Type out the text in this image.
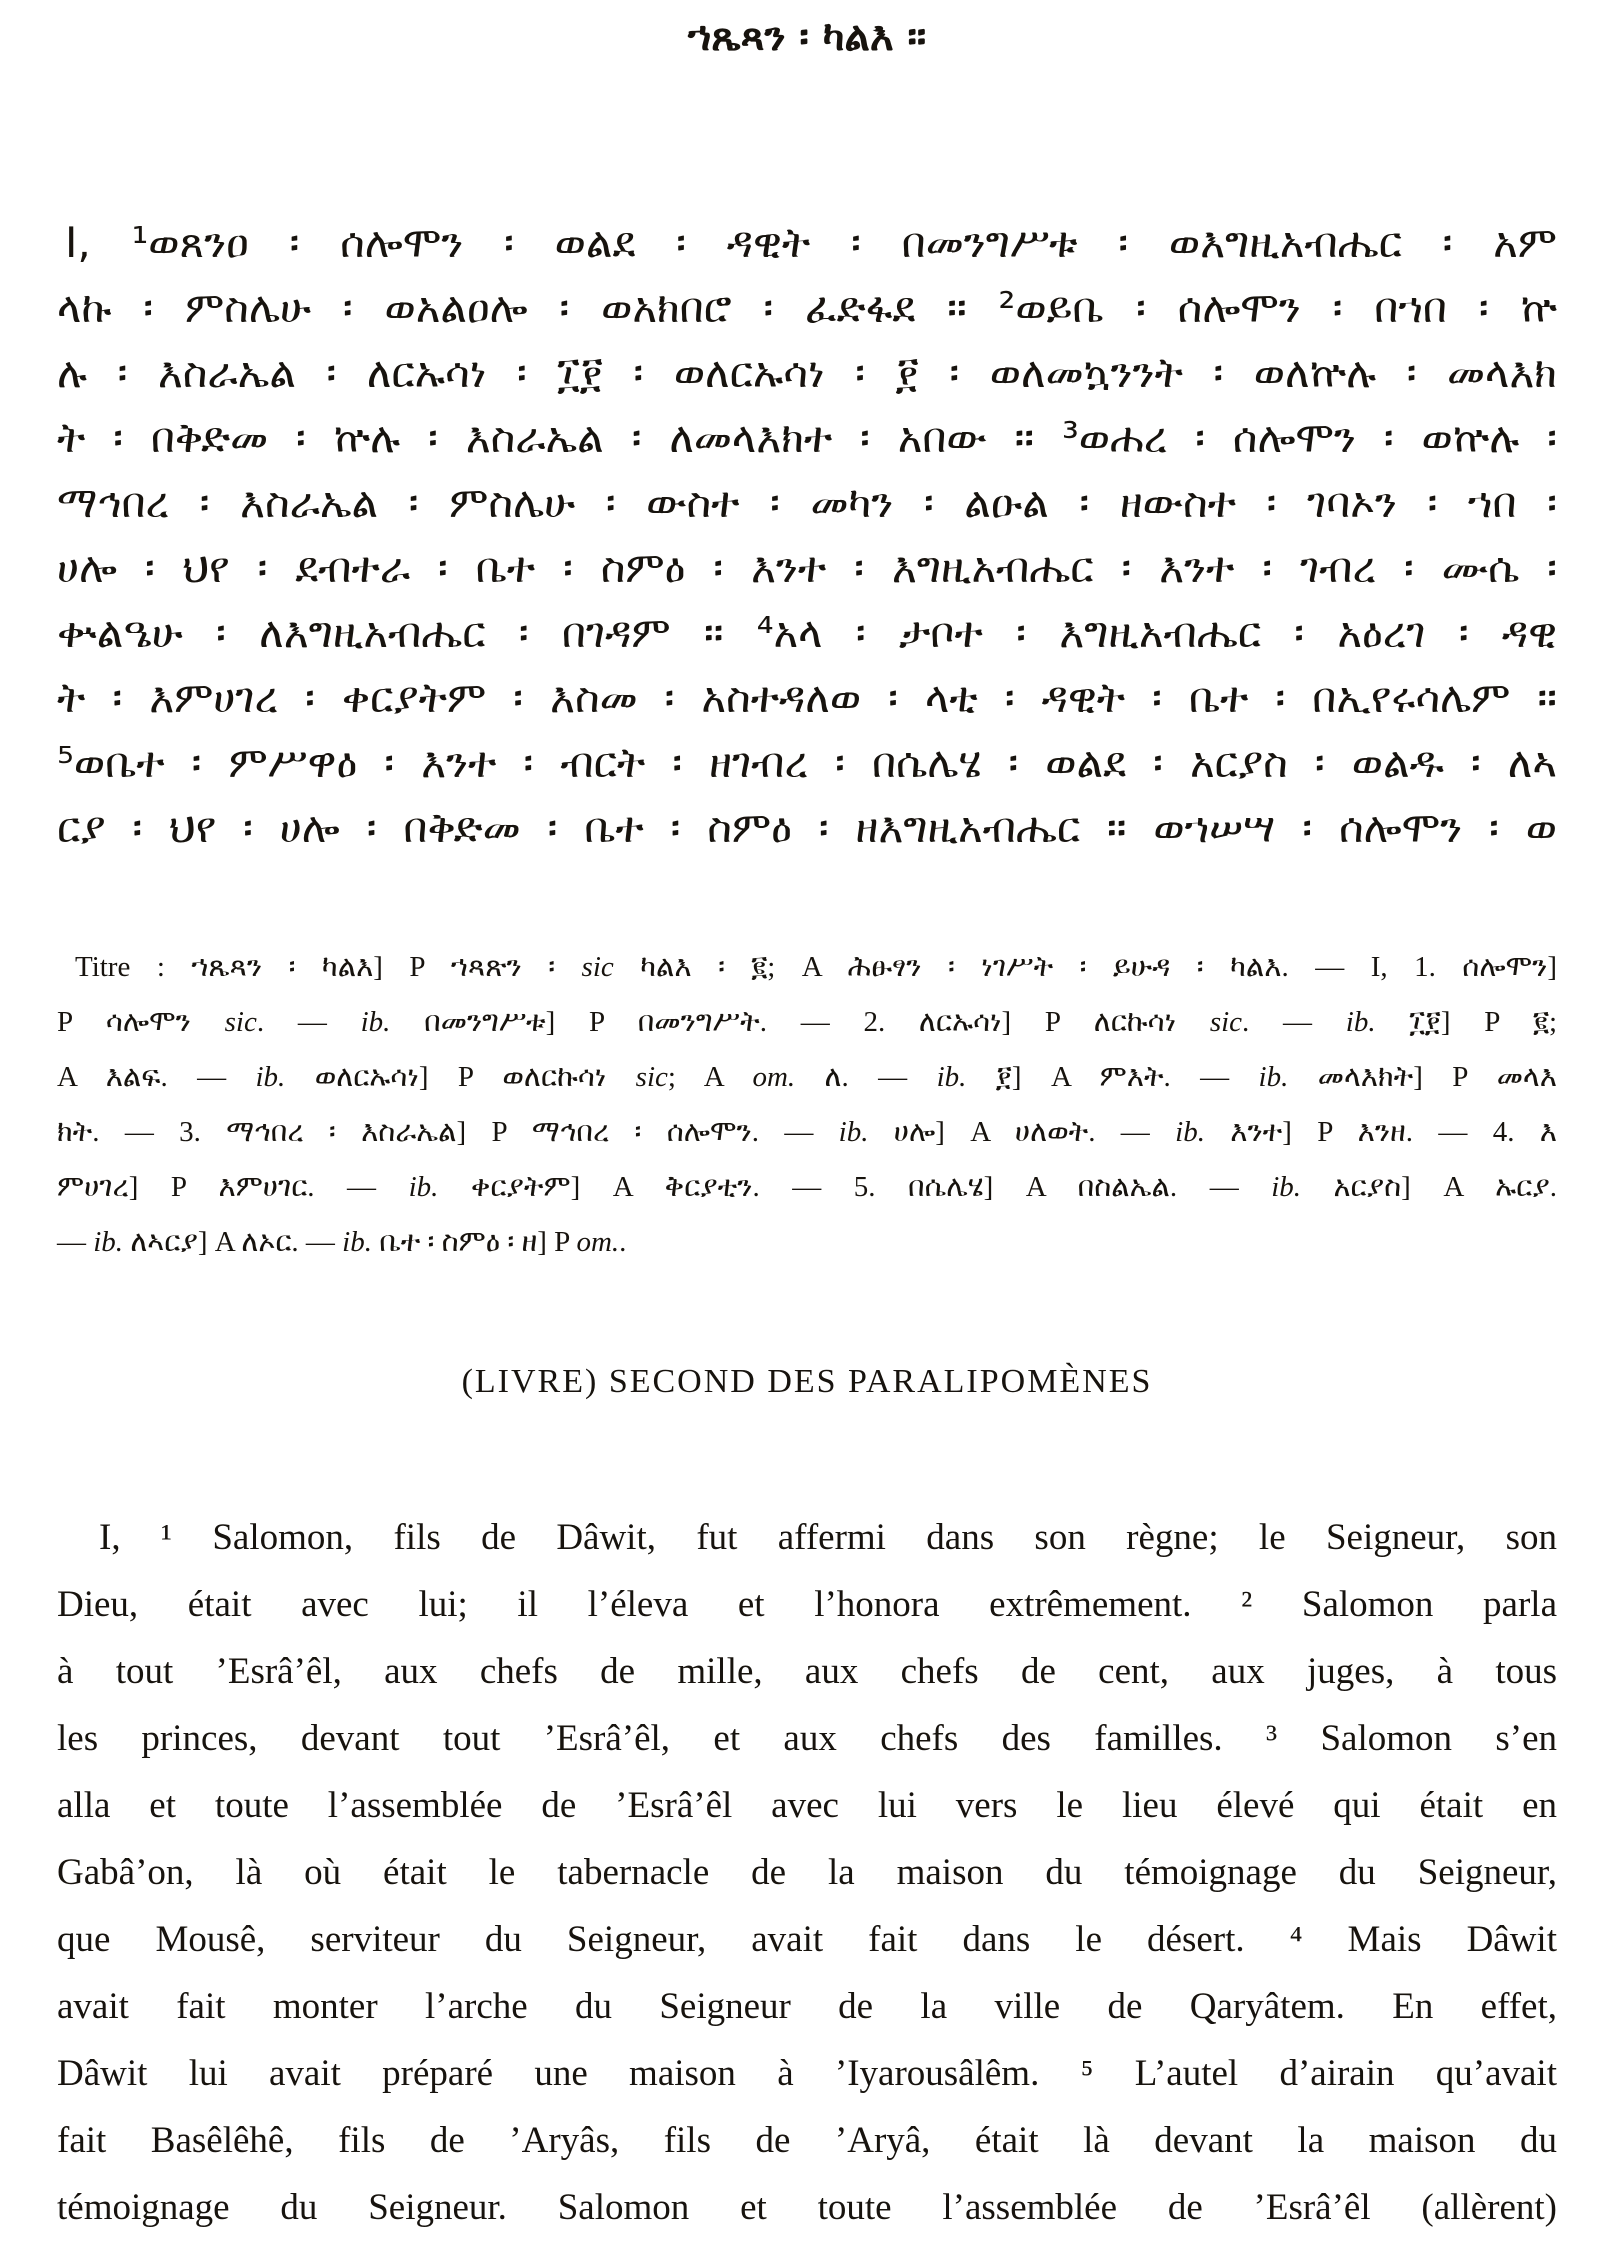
ኀጼጻን ፡ ካልእ ።
I, ¹ወጸንዐ ፡ ሰሎሞን ፡ ወልደ ፡ ዳዊት ፡ በመንግሥቱ ፡ ወእግዚአብሔር ፡ አም
ላኩ ፡ ምስሌሁ ፡ ወአልዐሎ ፡ ወአክበሮ ፡ ፈድፋደ ። ²ወይቤ ፡ ሰሎሞን ፡ በኀበ ፡ ኵ
ሉ ፡ እስራኤል ፡ ለርኡሳነ ፡ ፲፻ ፡ ወለርኡሳነ ፡ ፻ ፡ ወለመኳንንት ፡ ወለኵሉ ፡ መላእክ
ት ፡ በቅድመ ፡ ኵሉ ፡ እስራኤል ፡ ለመላእክተ ፡ አበው ። ³ወሐረ ፡ ሰሎሞን ፡ ወኵሉ ፡
ማኅበረ ፡ እስራኤል ፡ ምስሌሁ ፡ ውስተ ፡ መካን ፡ ልዑል ፡ ዘውስተ ፡ ገባኦን ፡ ኀበ ፡
ሀሎ ፡ ህየ ፡ ደብተራ ፡ ቤተ ፡ ስምዕ ፡ እንተ ፡ እግዚአብሔር ፡ እንተ ፡ ገብረ ፡ ሙሴ ፡
ቍልዔሁ ፡ ለእግዚአብሔር ፡ በገዳም ። ⁴አላ ፡ ታቦተ ፡ እግዚአብሔር ፡ አዕረገ ፡ ዳዊ
ት ፡ እምሀገረ ፡ ቀርያትም ፡ እስመ ፡ አስተዳለወ ፡ ላቲ ፡ ዳዊት ፡ ቤተ ፡ በኢየሩሳሌም ።
⁵ወቤተ ፡ ምሥዋዕ ፡ እንተ ፡ ብርት ፡ ዘገብረ ፡ በሴሌሄ ፡ ወልደ ፡ አርያስ ፡ ወልዱ ፡ ለኣ
ርያ ፡ ህየ ፡ ሀሎ ፡ በቅድመ ፡ ቤተ ፡ ስምዕ ፡ ዘእግዚአብሔር ። ወኀሠሣ ፡ ሰሎሞን ፡ ወ
Titre : ኀጼጻን ፡ ካልእ] P ኀጻጽን ፡ sic ካልእ ፡ ፪; A ሕፁፃን ፡ ነገሥት ፡ ይሁዳ ፡ ካልእ. — I, 1. ሰሎሞን]
P ሳሎሞን sic. — ib. በመንግሥቱ] P በመንግሥት. — 2. ለርኡሳነ] P ለርኩሳነ sic. — ib. ፲፻] P ፪;
A እልፍ. — ib. ወለርኡሳነ] P ወለርኩሳነ sic; A om. ለ. — ib. ፻] A ምእት. — ib. መላእክት] P መላእ
ክት. — 3. ማኅበረ ፡ እስራኤል] P ማኅበረ ፡ ሰሎሞን. — ib. ሀሎ] A ሀለወት. — ib. እንተ] P እንዘ. — 4. እ
ምሀገረ] P እምሀገር. — ib. ቀርያትም] A ቅርያቲን. — 5. በሴሌሄ] A በስልኤል. — ib. አርያስ] A ኡርያ.
— ib. ለኣርያ] A ለኦር. — ib. ቤተ ፡ ስምዕ ፡ ዘ] P om..
(LIVRE) SECOND DES PARALIPOMÈNES
I, ¹ Salomon, fils de Dâwit, fut affermi dans son règne; le Seigneur, son
Dieu, était avec lui; il l’éleva et l’honora extrêmement. ² Salomon parla
à tout ’Esrâ’êl, aux chefs de mille, aux chefs de cent, aux juges, à tous
les princes, devant tout ’Esrâ’êl, et aux chefs des familles. ³ Salomon s’en
alla et toute l’assemblée de ’Esrâ’êl avec lui vers le lieu élevé qui était en
Gabâ’on, là où était le tabernacle de la maison du témoignage du Seigneur,
que Mousê, serviteur du Seigneur, avait fait dans le désert. ⁴ Mais Dâwit
avait fait monter l’arche du Seigneur de la ville de Qaryâtem. En effet,
Dâwit lui avait préparé une maison à ’Iyarousâlêm. ⁵ L’autel d’airain qu’avait
fait Basêlêhê, fils de ’Aryâs, fils de ’Aryâ, était là devant la maison du
témoignage du Seigneur. Salomon et toute l’assemblée de ’Esrâ’êl (allèrent)
